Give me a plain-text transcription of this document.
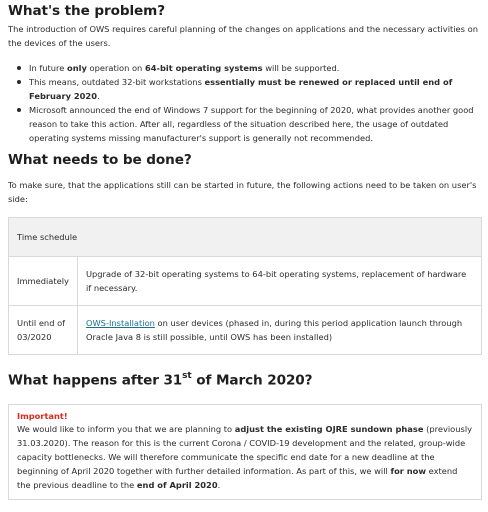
What's the problem?

The introduction of OWS requires careful planning of the changes on applications and the necessary activities on the devices of the users.

In future only operation on 64-bit operating systems will be supported.
This means, outdated 32-bit workstations essentially must be renewed or replaced until end of February 2020.
Microsoft announced the end of Windows 7 support for the beginning of 2020, what provides another good reason to take this action. After all, regardless of the situation described here, the usage of outdated operating systems missing manufacturer's support is generally not recommended.
What needs to be done?

To make sure, that the applications still can be started in future, the following actions need to be taken on user's side:

Time schedule	
Immediately	Upgrade of 32-bit operating systems to 64-bit operating systems, replacement of hardware if necessary.
Until end of 03/2020	OWS-Installation on user devices (phased in, during this period application launch through Oracle Java 8 is still possible, until OWS has been installed)
What happens after 31st of March 2020?
Important!

We would like to inform you that we are planning to adjust the existing OJRE sundown phase (previously 31.03.2020). The reason for this is the current Corona / COVID-19 development and the related, group-wide capacity bottlenecks. We will therefore communicate the specific end date for a new deadline at the beginning of April 2020 together with further detailed information. As part of this, we will for now extend the previous deadline to the end of April 2020.
